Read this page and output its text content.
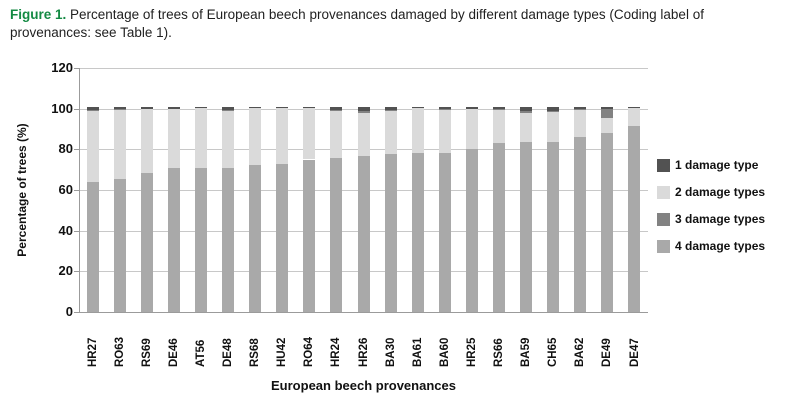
Figure 1. Percentage of trees of European beech provenances damaged by different damage types (Coding label of provenances: see Table 1).
Percentage of trees (%)
0
20
40
60
80
100
120
HR27 RO63 RS69 DE46 AT56 DE48 RS68 HU42 RO64 HR24 HR26 BA30 BA61 BA60 HR25 RS66 BA59 CH65 BA62 DE49 DE47
European beech provenances
1 damage type
2 damage types
3 damage types
4 damage types
